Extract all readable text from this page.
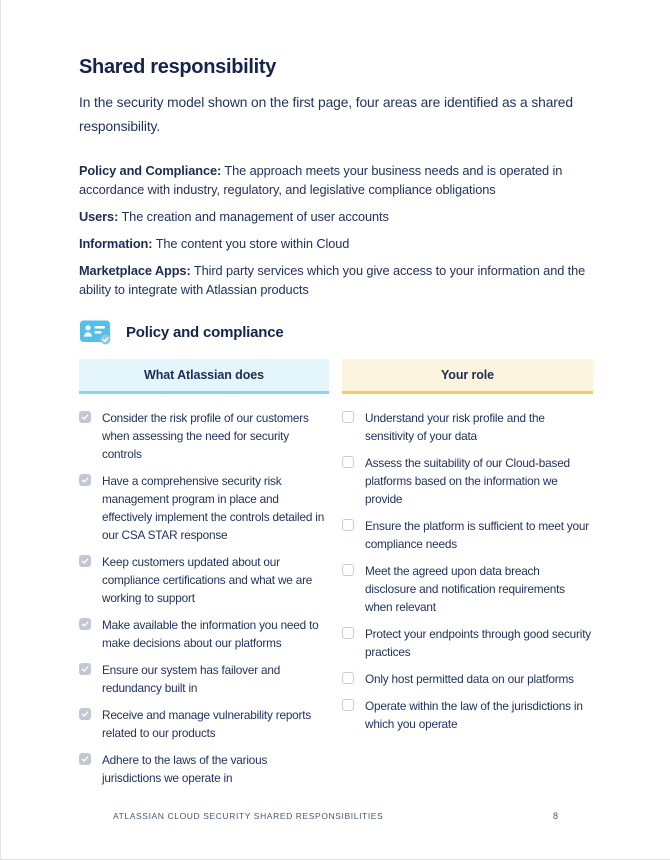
Shared responsibility

In the security model shown on the first page, four areas are identified as a shared responsibility.

Policy and Compliance: The approach meets your business needs and is operated in accordance with industry, regulatory, and legislative compliance obligations

Users: The creation and management of user accounts

Information: The content you store within Cloud

Marketplace Apps: Third party services which you give access to your information and the ability to integrate with Atlassian products

Policy and compliance
What Atlassian does
Consider the risk profile of our customers when assessing the need for security controls
Have a comprehensive security risk management program in place and effectively implement the controls detailed in our CSA STAR response
Keep customers updated about our compliance certifications and what we are working to support
Make available the information you need to make decisions about our platforms
Ensure our system has failover and redundancy built in
Receive and manage vulnerability reports related to our products
Adhere to the laws of the various jurisdictions we operate in
Your role
Understand your risk profile and the sensitivity of your data
Assess the suitability of our Cloud-based platforms based on the information we provide
Ensure the platform is sufficient to meet your compliance needs
Meet the agreed upon data breach disclosure and notification requirements when relevant
Protect your endpoints through good security practices
Only host permitted data on our platforms
Operate within the law of the jurisdictions in which you operate
ATLASSIAN CLOUD SECURITY SHARED RESPONSIBILITIES	8
